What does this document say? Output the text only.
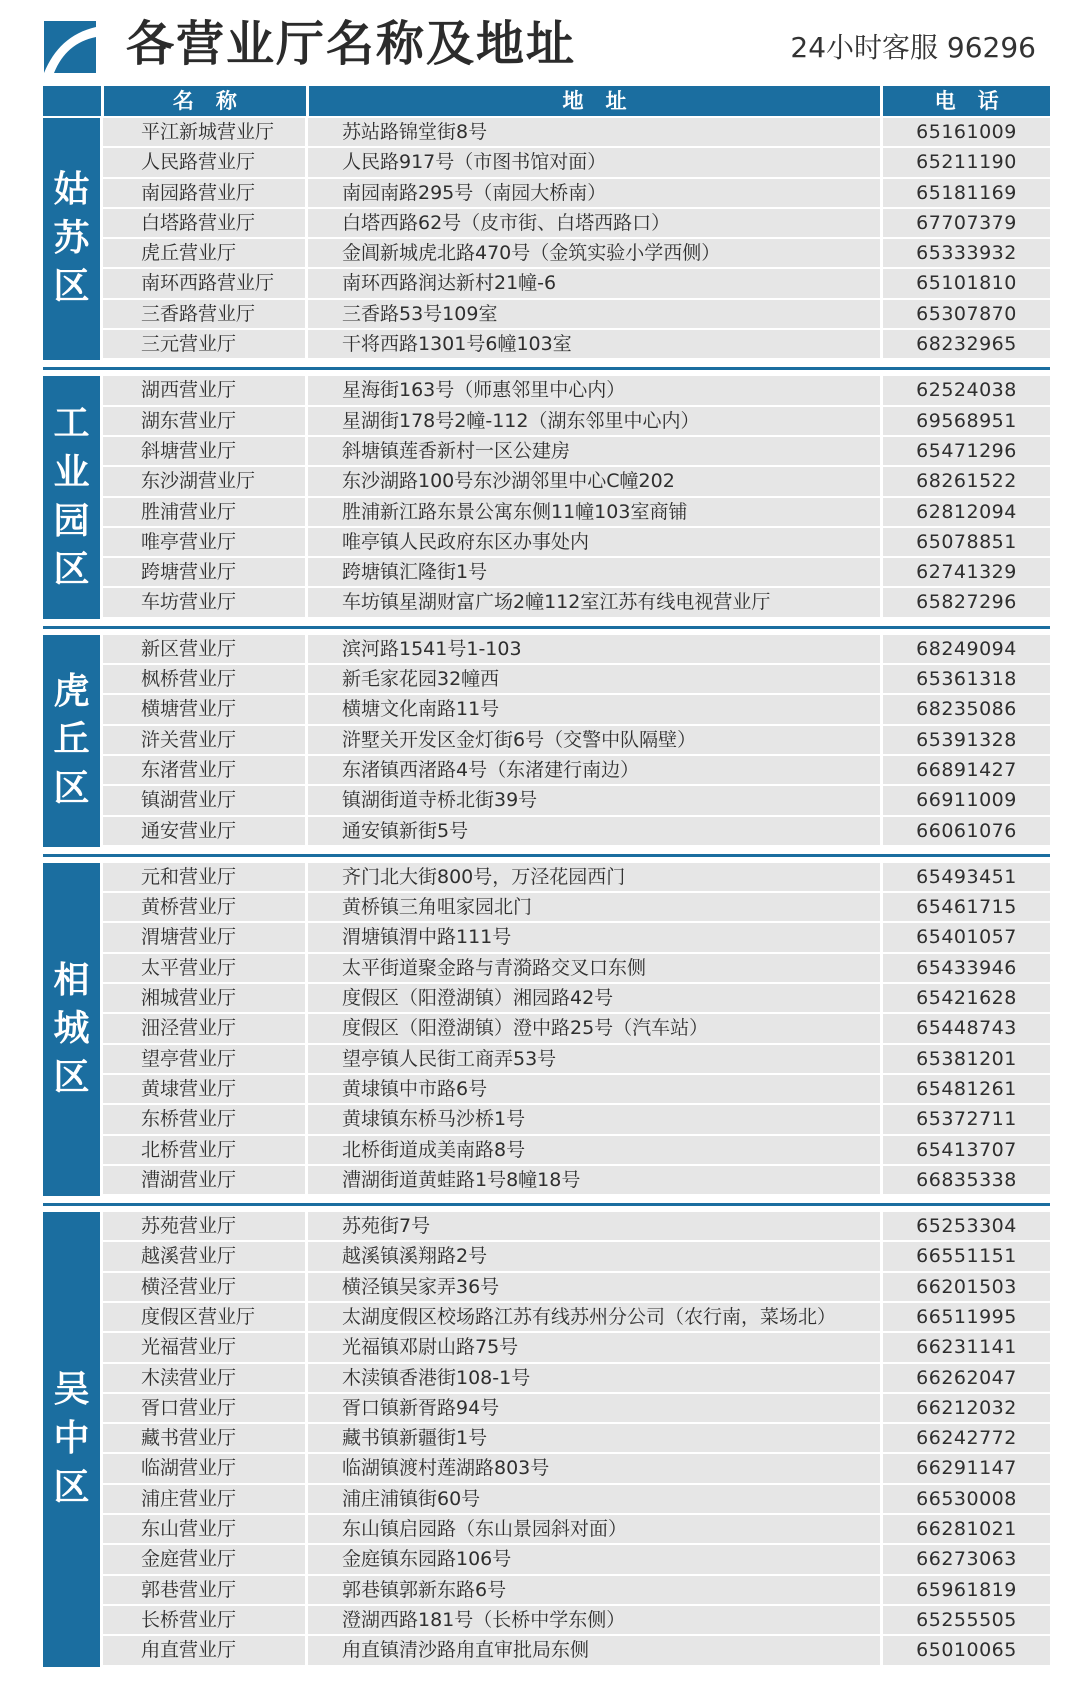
各营业厅名称及地址	24小时客服 96296
名称	地址	电话
姑
苏
区
平江新城营业厅	苏站路锦堂街8号	65161009
人民路营业厅	人民路917号（市图书馆对面）	65211190
南园路营业厅	南园南路295号（南园大桥南）	65181169
白塔路营业厅	白塔西路62号（皮市街、白塔西路口）	67707379
虎丘营业厅	金阊新城虎北路470号（金筑实验小学西侧）	65333932
南环西路营业厅	南环西路润达新村21幢-6	65101810
三香路营业厅	三香路53号109室	65307870
三元营业厅	干将西路1301号6幢103室	68232965
工
业
园
区
湖西营业厅	星海街163号（师惠邻里中心内）	62524038
湖东营业厅	星湖街178号2幢-112（湖东邻里中心内）	69568951
斜塘营业厅	斜塘镇莲香新村一区公建房	65471296
东沙湖营业厅	东沙湖路100号东沙湖邻里中心C幢202	68261522
胜浦营业厅	胜浦新江路东景公寓东侧11幢103室商铺	62812094
唯亭营业厅	唯亭镇人民政府东区办事处内	65078851
跨塘营业厅	跨塘镇汇隆街1号	62741329
车坊营业厅	车坊镇星湖财富广场2幢112室江苏有线电视营业厅	65827296
虎
丘
区
新区营业厅	滨河路1541号1-103	68249094
枫桥营业厅	新毛家花园32幢西	65361318
横塘营业厅	横塘文化南路11号	68235086
浒关营业厅	浒墅关开发区金灯街6号（交警中队隔壁）	65391328
东渚营业厅	东渚镇西渚路4号（东渚建行南边）	66891427
镇湖营业厅	镇湖街道寺桥北街39号	66911009
通安营业厅	通安镇新街5号	66061076
相
城
区
元和营业厅	齐门北大街800号，万泾花园西门	65493451
黄桥营业厅	黄桥镇三角咀家园北门	65461715
渭塘营业厅	渭塘镇渭中路111号	65401057
太平营业厅	太平街道聚金路与青漪路交叉口东侧	65433946
湘城营业厅	度假区（阳澄湖镇）湘园路42号	65421628
沺泾营业厅	度假区（阳澄湖镇）澄中路25号（汽车站）	65448743
望亭营业厅	望亭镇人民街工商弄53号	65381201
黄埭营业厅	黄埭镇中市路6号	65481261
东桥营业厅	黄埭镇东桥马沙桥1号	65372711
北桥营业厅	北桥街道成美南路8号	65413707
漕湖营业厅	漕湖街道黄蛙路1号8幢18号	66835338
吴
中
区
苏苑营业厅	苏苑街7号	65253304
越溪营业厅	越溪镇溪翔路2号	66551151
横泾营业厅	横泾镇吴家弄36号	66201503
度假区营业厅	太湖度假区校场路江苏有线苏州分公司（农行南，菜场北）	66511995
光福营业厅	光福镇邓尉山路75号	66231141
木渎营业厅	木渎镇香港街108-1号	66262047
胥口营业厅	胥口镇新胥路94号	66212032
藏书营业厅	藏书镇新疆街1号	66242772
临湖营业厅	临湖镇渡村莲湖路803号	66291147
浦庄营业厅	浦庄浦镇街60号	66530008
东山营业厅	东山镇启园路（东山景园斜对面）	66281021
金庭营业厅	金庭镇东园路106号	66273063
郭巷营业厅	郭巷镇郭新东路6号	65961819
长桥营业厅	澄湖西路181号（长桥中学东侧）	65255505
甪直营业厅	甪直镇清沙路甪直审批局东侧	65010065
